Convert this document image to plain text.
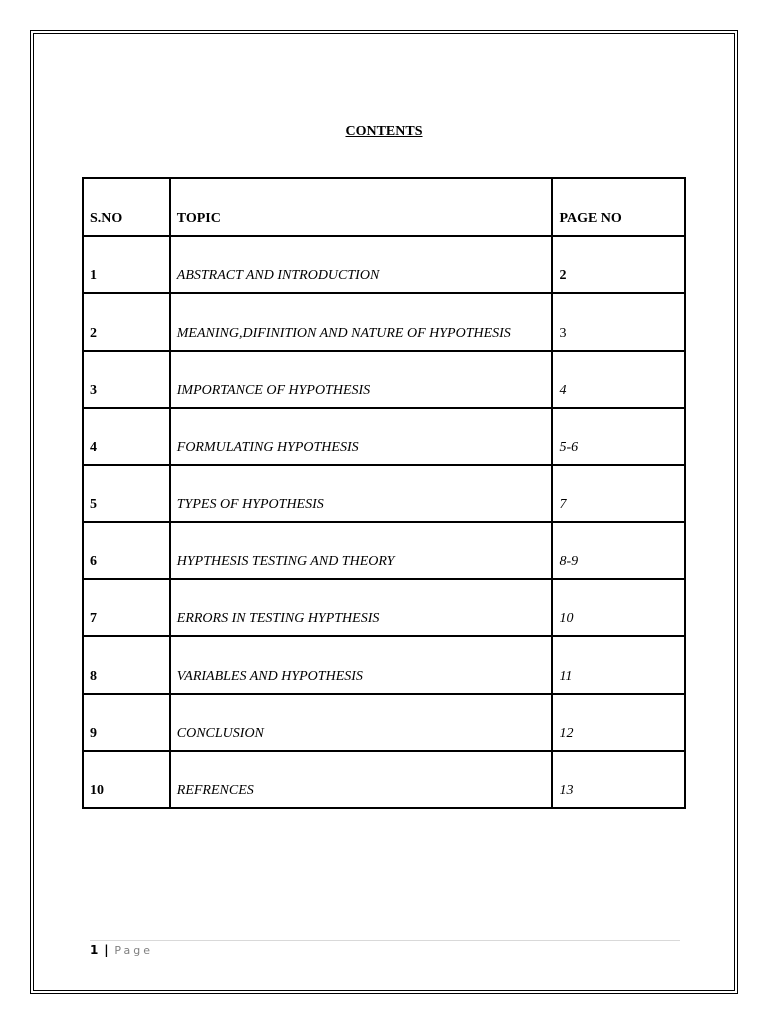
CONTENTS
S.NO	TOPIC	PAGE NO
1	ABSTRACT AND INTRODUCTION	2
2	MEANING,DIFINITION AND NATURE OF HYPOTHESIS	3
3	IMPORTANCE OF HYPOTHESIS	4
4	FORMULATING HYPOTHESIS	5-6
5	TYPES OF HYPOTHESIS	7
6	HYPTHESIS TESTING AND THEORY	8-9
7	ERRORS IN TESTING HYPTHESIS	10
8	VARIABLES AND HYPOTHESIS	11
9	CONCLUSION	12
10	REFRENCES	13
1 | Page
